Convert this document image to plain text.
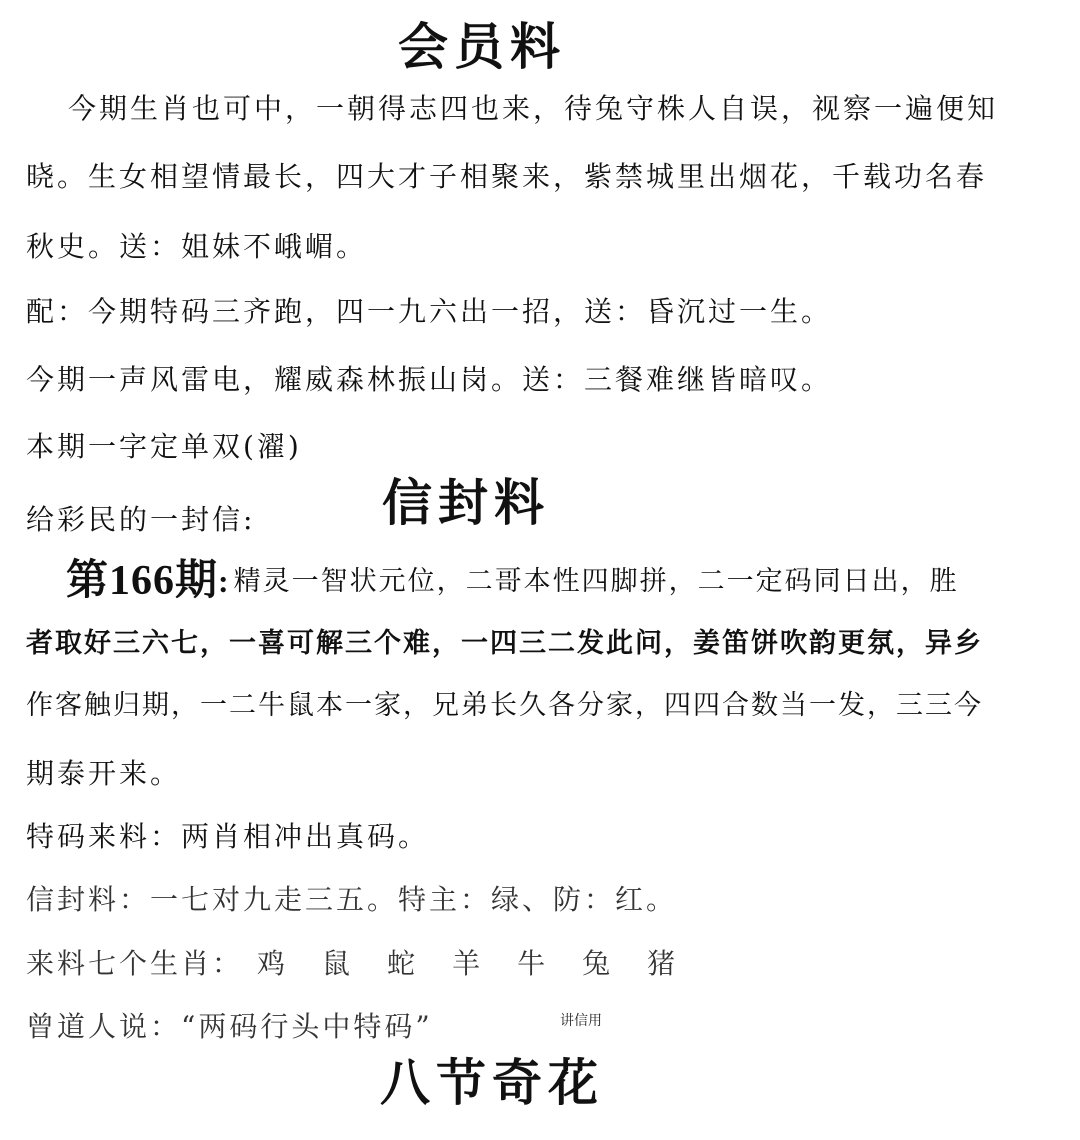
会员料
今期生肖也可中，一朝得志四也来，待兔守株人自误，视察一遍便知
晓。生女相望情最长，四大才子相聚来，紫禁城里出烟花，千载功名春
秋史。送：姐妹不峨嵋。
配：今期特码三齐跑，四一九六出一招，送：昏沉过一生。
今期一声风雷电，耀威森林振山岗。送：三餐难继皆暗叹。
本期一字定单双(濯)
给彩民的一封信:	信封料
第166期 : 精灵一智状元位，二哥本性四脚拼，二一定码同日出，胜
者取好三六七，一喜可解三个难，一四三二发此问，姜笛饼吹韵更氛，异乡
作客触归期，一二牛鼠本一家，兄弟长久各分家，四四合数当一发，三三今
期泰开来。
特码来料：两肖相冲出真码。
信封料：一七对九走三五。特主：绿、防：红。
来料七个生肖： 鸡 鼠 蛇 羊 牛 兔 猪
曾道人说：“两码行头中特码”	讲信用
八节奇花
